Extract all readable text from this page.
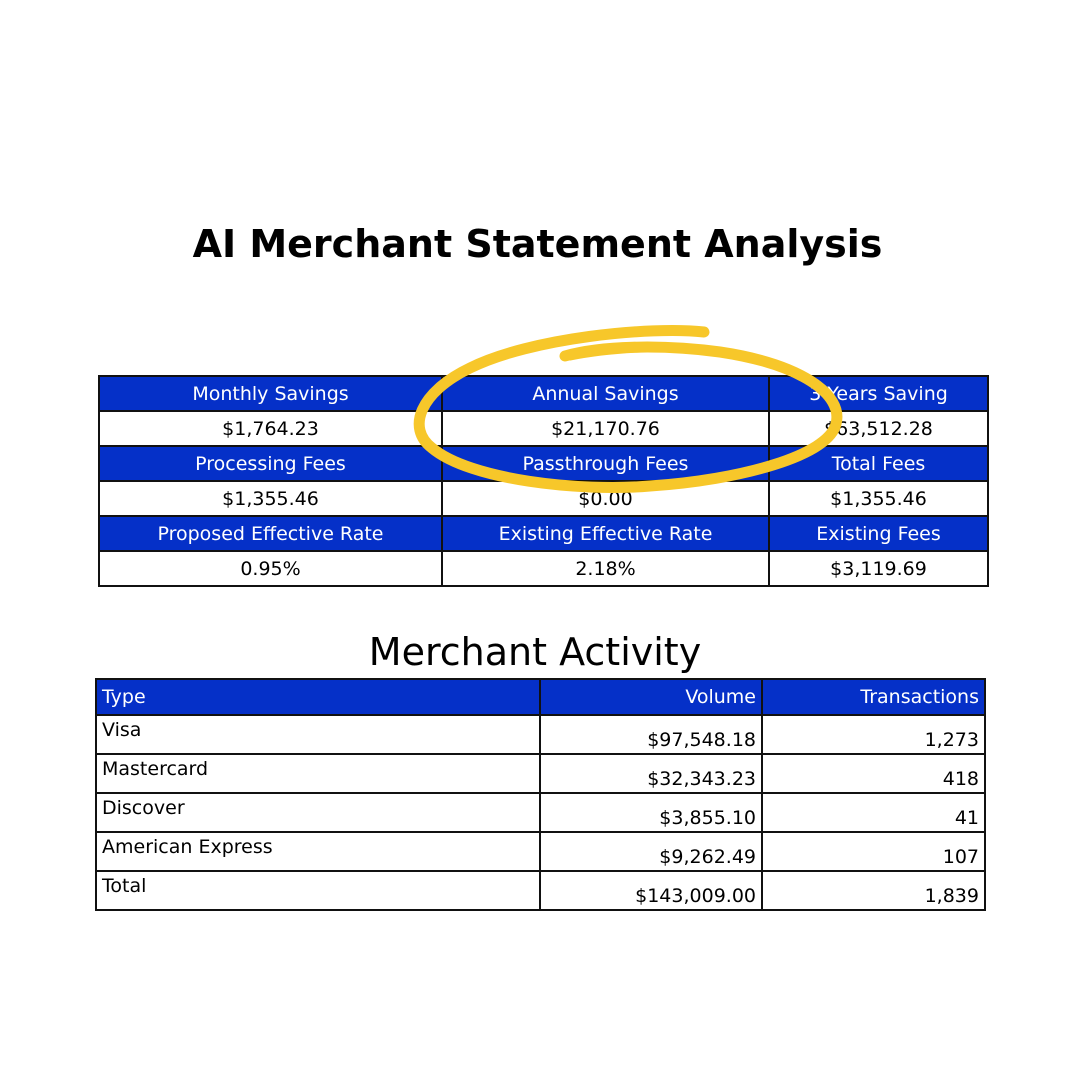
AI Merchant Statement Analysis
Monthly Savings	Annual Savings	3 Years Saving
$1,764.23	$21,170.76	$63,512.28
Processing Fees	Passthrough Fees	Total Fees
$1,355.46	$0.00	$1,355.46
Proposed Effective Rate	Existing Effective Rate	Existing Fees
0.95%	2.18%	$3,119.69
Merchant Activity
Type	Volume	Transactions
Visa	$97,548.18	1,273
Mastercard	$32,343.23	418
Discover	$3,855.10	41
American Express	$9,262.49	107
Total	$143,009.00	1,839
